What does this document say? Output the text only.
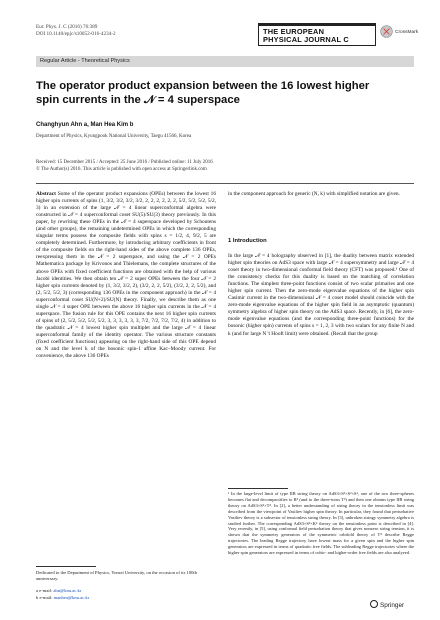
Eur. Phys. J. C (2016) 76:389
DOI 10.1140/epjc/s10052-016-4234-2	THE EUROPEAN
PHYSICAL JOURNAL C
CrossMark
Regular Article - Theoretical Physics
The operator product expansion between the 16 lowest higher spin currents in the 𝒩 = 4 superspace
Changhyun Ahn a, Man Hea Kim b
Department of Physics, Kyungpook National University, Taegu 41566, Korea
Received: 15 December 2015 / Accepted: 25 June 2016 / Published online: 11 July 2016
© The Author(s) 2016. This article is published with open access at Springerlink.com

Abstract Some of the operator product expansions (OPEs) between the lowest 16 higher spin currents of spins (1, 3/2, 3/2, 3/2, 3/2, 2, 2, 2, 2, 2, 2, 5/2, 5/2, 5/2, 5/2, 3) in an extension of the large 𝒩 = 4 linear superconformal algebra were constructed in 𝒩 = 4 superconformal coset SU(5)/SU(3) theory previously. In this paper, by rewriting these OPEs in the 𝒩 = 4 superspace developed by Schoutens (and other groups), the remaining undetermined OPEs in which the corresponding singular terms possess the composite fields with spins s = 1/2, 4, 9/2, 5 are completely determined. Furthermore, by introducing arbitrary coefficients in front of the composite fields on the right-hand sides of the above complete 136 OPEs, reexpressing them in the 𝒩 = 2 superspace, and using the 𝒩 = 2 OPEs Mathematica package by Krivonos and Thielemans, the complete structures of the above OPEs with fixed coefficient functions are obtained with the help of various Jacobi identities. We then obtain ten 𝒩 = 2 super OPEs between the four 𝒩 = 2 higher spin currents denoted by (1, 3/2, 3/2, 2), (3/2, 2, 2, 5/2), (3/2, 2, 2, 5/2), and (2, 5/2, 5/2, 3) (corresponding 136 OPEs in the component approach) in the 𝒩 = 4 superconformal coset SU(N+2)/SU(N) theory. Finally, we describe them as one single 𝒩 = 4 super OPE between the above 16 higher spin currents in the 𝒩 = 4 superspace. The fusion rule for this OPE contains the next 16 higher spin currents of spins of (2, 5/2, 5/2, 5/2, 5/2, 3, 3, 3, 3, 3, 3, 7/2, 7/2, 7/2, 7/2, 4) in addition to the quadratic 𝒩 = 4 lowest higher spin multiplet and the large 𝒩 = 4 linear superconformal family of the identity operator. The various structure constants (fixed coefficient functions) appearing on the right-hand side of this OPE depend on N and the level k of the bosonic spin-1 affine Kac–Moody current. For convenience, the above 136 OPEs

in the component approach for generic (N, k) with simplified notation are given.

1 Introduction
In the large 𝒩 = 4 holography observed in [1], the duality between matrix extended higher spin theories on AdS3 space with large 𝒩 = 4 supersymmetry and large 𝒩 = 4 coset theory in two-dimensional conformal field theory (CFT) was proposed.¹ One of the consistency checks for this duality is based on the matching of correlation functions. The simplest three-point functions consist of two scalar primaries and one higher spin current. Then the zero-mode eigenvalue equations of the higher spin Casimir current in the two-dimensional 𝒩 = 4 coset model should coincide with the zero-mode eigenvalue equations of the higher spin field in an asymptotic (quantum) symmetry algebra of higher spin theory on the AdS3 space. Recently, in [6], the zero-mode eigenvalue equations (and the corresponding three-point functions) for the bosonic (higher spin) currents of spins s = 1, 2, 3 with two scalars for any finite N and k (and for large N 't Hooft limit) were obtained. (Recall that the group
¹ In the large-level limit of type IIB string theory on AdS3×S³×S³×S¹, one of the two three-spheres becomes flat and decompactifies to R³ (and to the three-torus T³) and then one obtains type IIB string theory on AdS3×S³×T⁴. In [2], a better understanding of string theory in the tensionless limit was described from the viewpoint of Vasiliev higher spin theory. In particular, they found that perturbative Vasiliev theory is a subsector of tensionless string theory. In [3], unbroken stringy symmetry algebra is studied further. The corresponding AdS3×S³×K³ theory on the tensionless point is described in [4]. Very recently, in [5], using conformal field perturbation theory that gives nonzero string tension, it is shown that the symmetry generators of the symmetric orbifold theory of T⁴ describe Regge trajectories. The leading Regge trajectory have lowest mass for a given spin and the higher spin generators are expressed in terms of quadratic free fields. The subleading Regge trajectories where the higher spin generators are expressed in terms of cubic- and higher-order free fields are also analyzed.
Dedicated to the Department of Physics, Yonsei University, on the occasion of its 100th anniversary.
a e-mail: ahn@knu.ac.kr
b e-mail: manhea@knu.ac.kr
Springer
